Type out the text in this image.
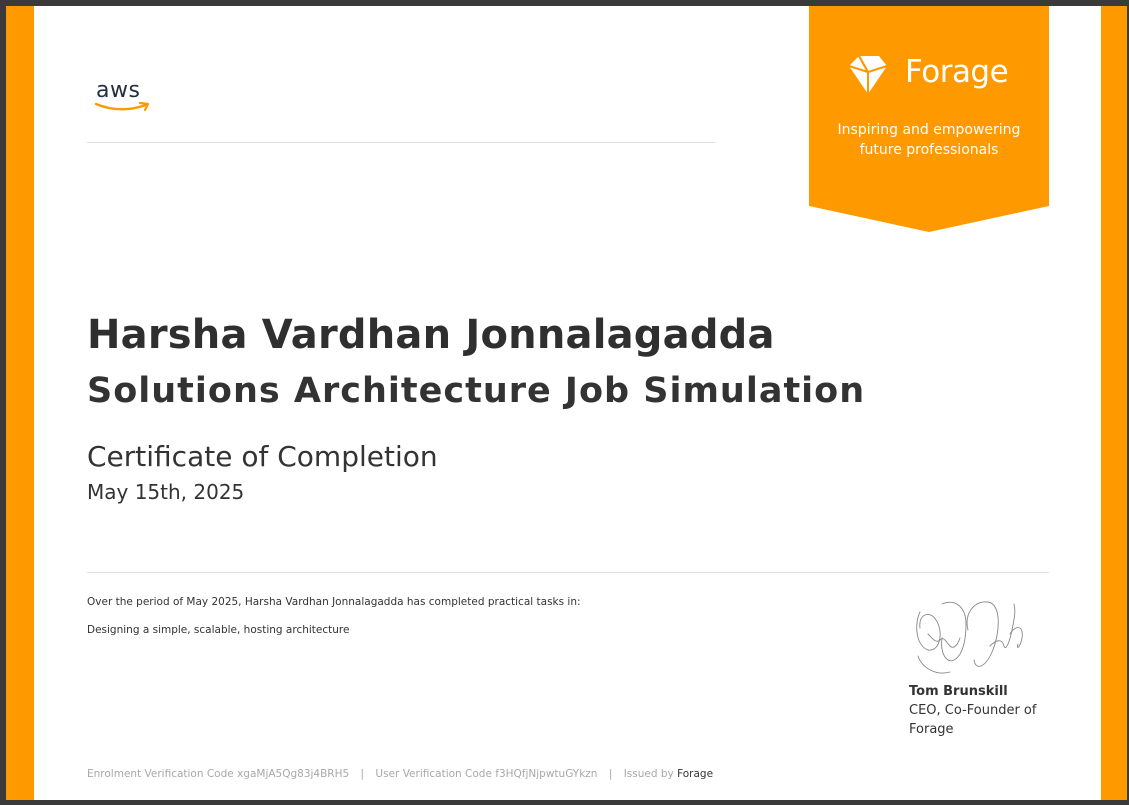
aws
Forage
Inspiring and empowering future professionals
Harsha Vardhan Jonnalagadda
Solutions Architecture Job Simulation
Certificate of Completion
May 15th, 2025
Over the period of May 2025, Harsha Vardhan Jonnalagadda has completed practical tasks in:
Designing a simple, scalable, hosting architecture
Tom Brunskill
CEO, Co-Founder of Forage
Enrolment Verification Code xgaMjA5Qg83j4BRH5 | User Verification Code f3HQfjNjpwtuGYkzn | Issued by Forage
